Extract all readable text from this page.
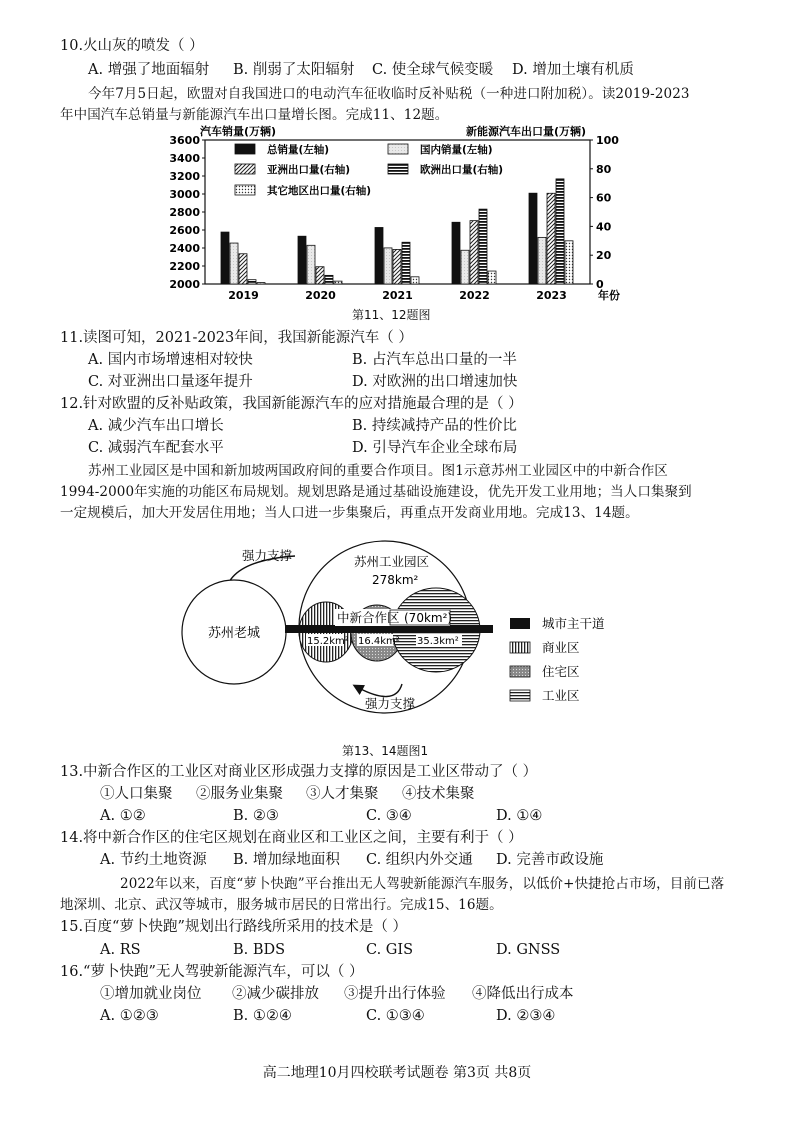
10.火山灰的喷发（ ）
A. 增强了地面辐射 B. 削弱了太阳辐射 C. 使全球气候变暖 D. 增加土壤有机质
今年7月5日起，欧盟对自我国进口的电动汽车征收临时反补贴税（一种进口附加税）。读2019-2023
年中国汽车总销量与新能源汽车出口量增长图。完成11、12题。
汽车销量(万辆)	新能源汽车出口量(万辆)
2000
2200
2400
2600
2800
3000
3200
3400
3600
0
20
40
60
80
100
年份
2019	2020	2021	2022	2023
总销量(左轴)	国内销量(左轴)
亚洲出口量(右轴)	欧洲出口量(右轴)
其它地区出口量(右轴)
第11、12题图
11.读图可知，2021-2023年间，我国新能源汽车（ ）
A. 国内市场增速相对较快	B. 占汽车总出口量的一半
C. 对亚洲出口量逐年提升	D. 对欧洲的出口增速加快
12.针对欧盟的反补贴政策，我国新能源汽车的应对措施最合理的是（ ）
A. 减少汽车出口增长	B. 持续减持产品的性价比
C. 减弱汽车配套水平	D. 引导汽车企业全球布局
苏州工业园区是中国和新加坡两国政府间的重要合作项目。图1示意苏州工业园区中的中新合作区
1994-2000年实施的功能区布局规划。规划思路是通过基础设施建设，优先开发工业用地；当人口集聚到
一定规模后，加大开发居住用地；当人口进一步集聚后，再重点开发商业用地。完成13、14题。
强力支撑
强力支撑
苏州老城
苏州工业园区
278km²
中新合作区 (70km²)
15.2km² 16.4km² 35.3km²
城市主干道
商业区
住宅区
工业区
第13、14题图1
13.中新合作区的工业区对商业区形成强力支撑的原因是工业区带动了（ ）
①人口集聚 ②服务业集聚 ③人才集聚 ④技术集聚
A. ①②	B. ②③	C. ③④	D. ①④
14.将中新合作区的住宅区规划在商业区和工业区之间，主要有利于（ ）
A. 节约土地资源 B. 增加绿地面积 C. 组织内外交通 D. 完善市政设施
2022年以来，百度“萝卜快跑”平台推出无人驾驶新能源汽车服务，以低价+快捷抢占市场，目前已落
地深圳、北京、武汉等城市，服务城市居民的日常出行。完成15、16题。
15.百度“萝卜快跑”规划出行路线所采用的技术是（ ）
A. RS	B. BDS	C. GIS	D. GNSS
16.“萝卜快跑”无人驾驶新能源汽车，可以（ ）
①增加就业岗位 ②减少碳排放 ③提升出行体验 ④降低出行成本
A. ①②③	B. ①②④	C. ①③④	D. ②③④
高二地理10月四校联考试题卷 第3页 共8页
